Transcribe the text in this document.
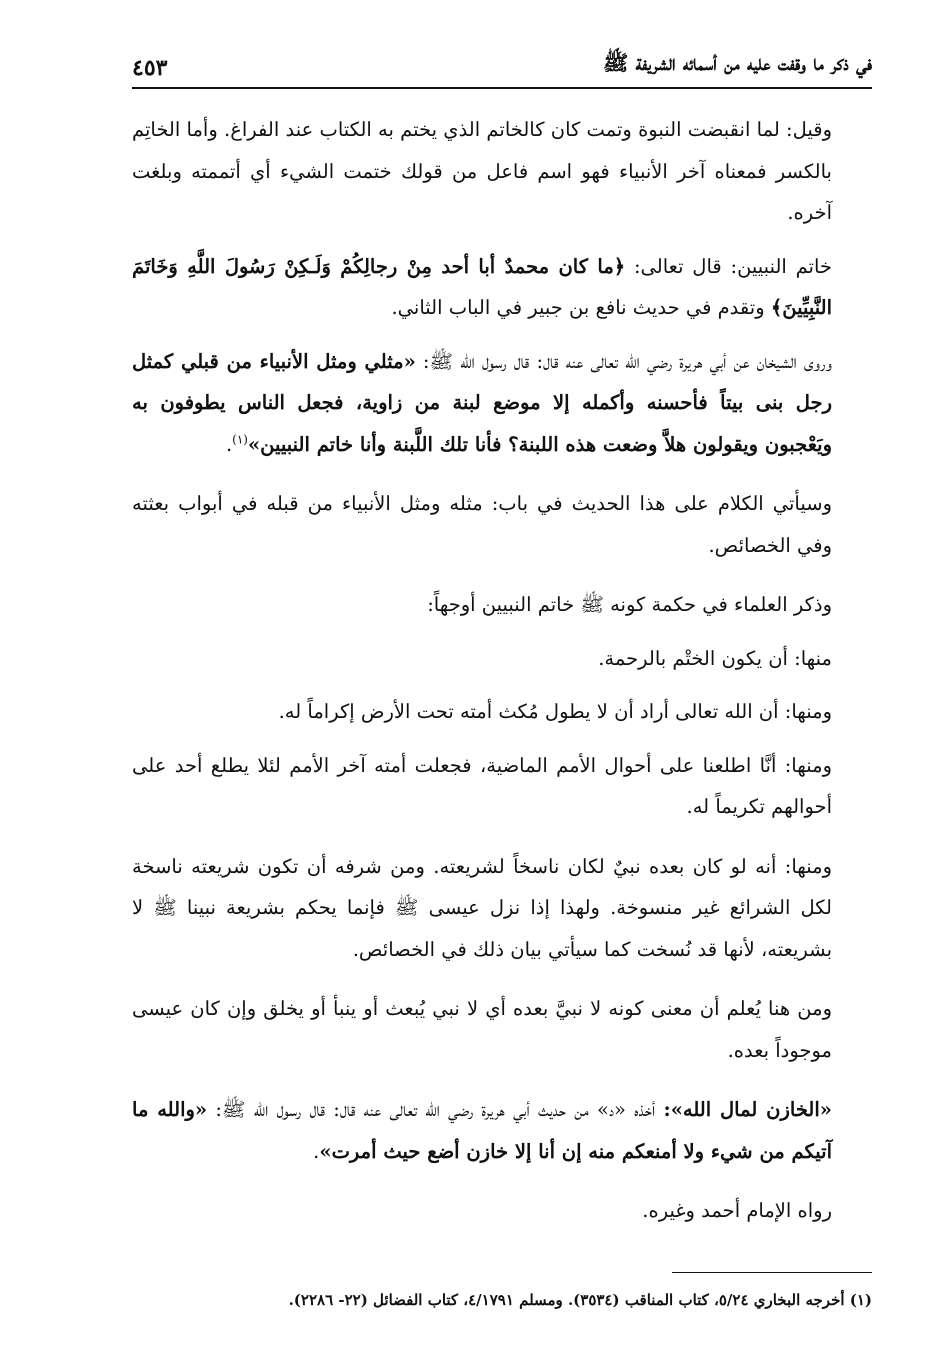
في ذكر ما وقفت عليه من أسمائه الشريفة ﷺ
٤٥٣

وقيل: لما انقبضت النبوة وتمت كان كالخاتم الذي يختم به الكتاب عند الفراغ. وأما الخاتِم بالكسر فمعناه آخر الأنبياء فهو اسم فاعل من قولك ختمت الشيء أي أتممته وبلغت آخره.

خاتم النبيين: قال تعالى: ﴿ما كان محمدٌ أبا أحد مِنْ رجالِكُمْ وَلَـكِنْ رَسُولَ اللَّهِ وَخَاتَمَ النَّبِيِّينَ﴾ وتقدم في حديث نافع بن جبير في الباب الثاني.

وروى الشيخان عن أبي هريرة رضي الله تعالى عنه قال: قال رسول الله ﷺ: «مثلي ومثل الأنبياء من قبلي كمثل رجل بنى بيتاً فأحسنه وأكمله إلا موضع لبنة من زاوية، فجعل الناس يطوفون به ويَعْجبون ويقولون هلاَّ وضعت هذه اللبنة؟ فأنا تلك اللَّبنة وأنا خاتم النبيين»$^{(١)}$.

وسيأتي الكلام على هذا الحديث في باب: مثله ومثل الأنبياء من قبله في أبواب بعثته وفي الخصائص.

وذكر العلماء في حكمة كونه ﷺ خاتم النبيين أوجهاً:

منها: أن يكون الختْم بالرحمة.

ومنها: أن الله تعالى أراد أن لا يطول مُكث أمته تحت الأرض إكراماً له.

ومنها: أنَّا اطلعنا على أحوال الأمم الماضية، فجعلت أمته آخر الأمم لئلا يطلع أحد على أحوالهم تكريماً له.

ومنها: أنه لو كان بعده نبيٌ لكان ناسخاً لشريعته. ومن شرفه أن تكون شريعته ناسخة لكل الشرائع غير منسوخة. ولهذا إذا نزل عيسى ﷺ فإنما يحكم بشريعة نبينا ﷺ لا بشريعته، لأنها قد نُسخت كما سيأتي بيان ذلك في الخصائص.

ومن هنا يُعلم أن معنى كونه لا نبيَّ بعده أي لا نبي يُبعث أو ينبأ أو يخلق وإن كان عيسى موجوداً بعده.

«الخازن لمال الله»: أخذه «د» من حديث أبي هريرة رضي الله تعالى عنه قال: قال رسول الله ﷺ: «والله ما آتيكم من شيء ولا أمنعكم منه إن أنا إلا خازن أضع حيث أمرت».

رواه الإمام أحمد وغيره.

(١) أخرجه البخاري ٥/٢٤، كتاب المناقب (٣٥٣٤). ومسلم ٤/١٧٩١، كتاب الفضائل (٢٢- ٢٢٨٦).
